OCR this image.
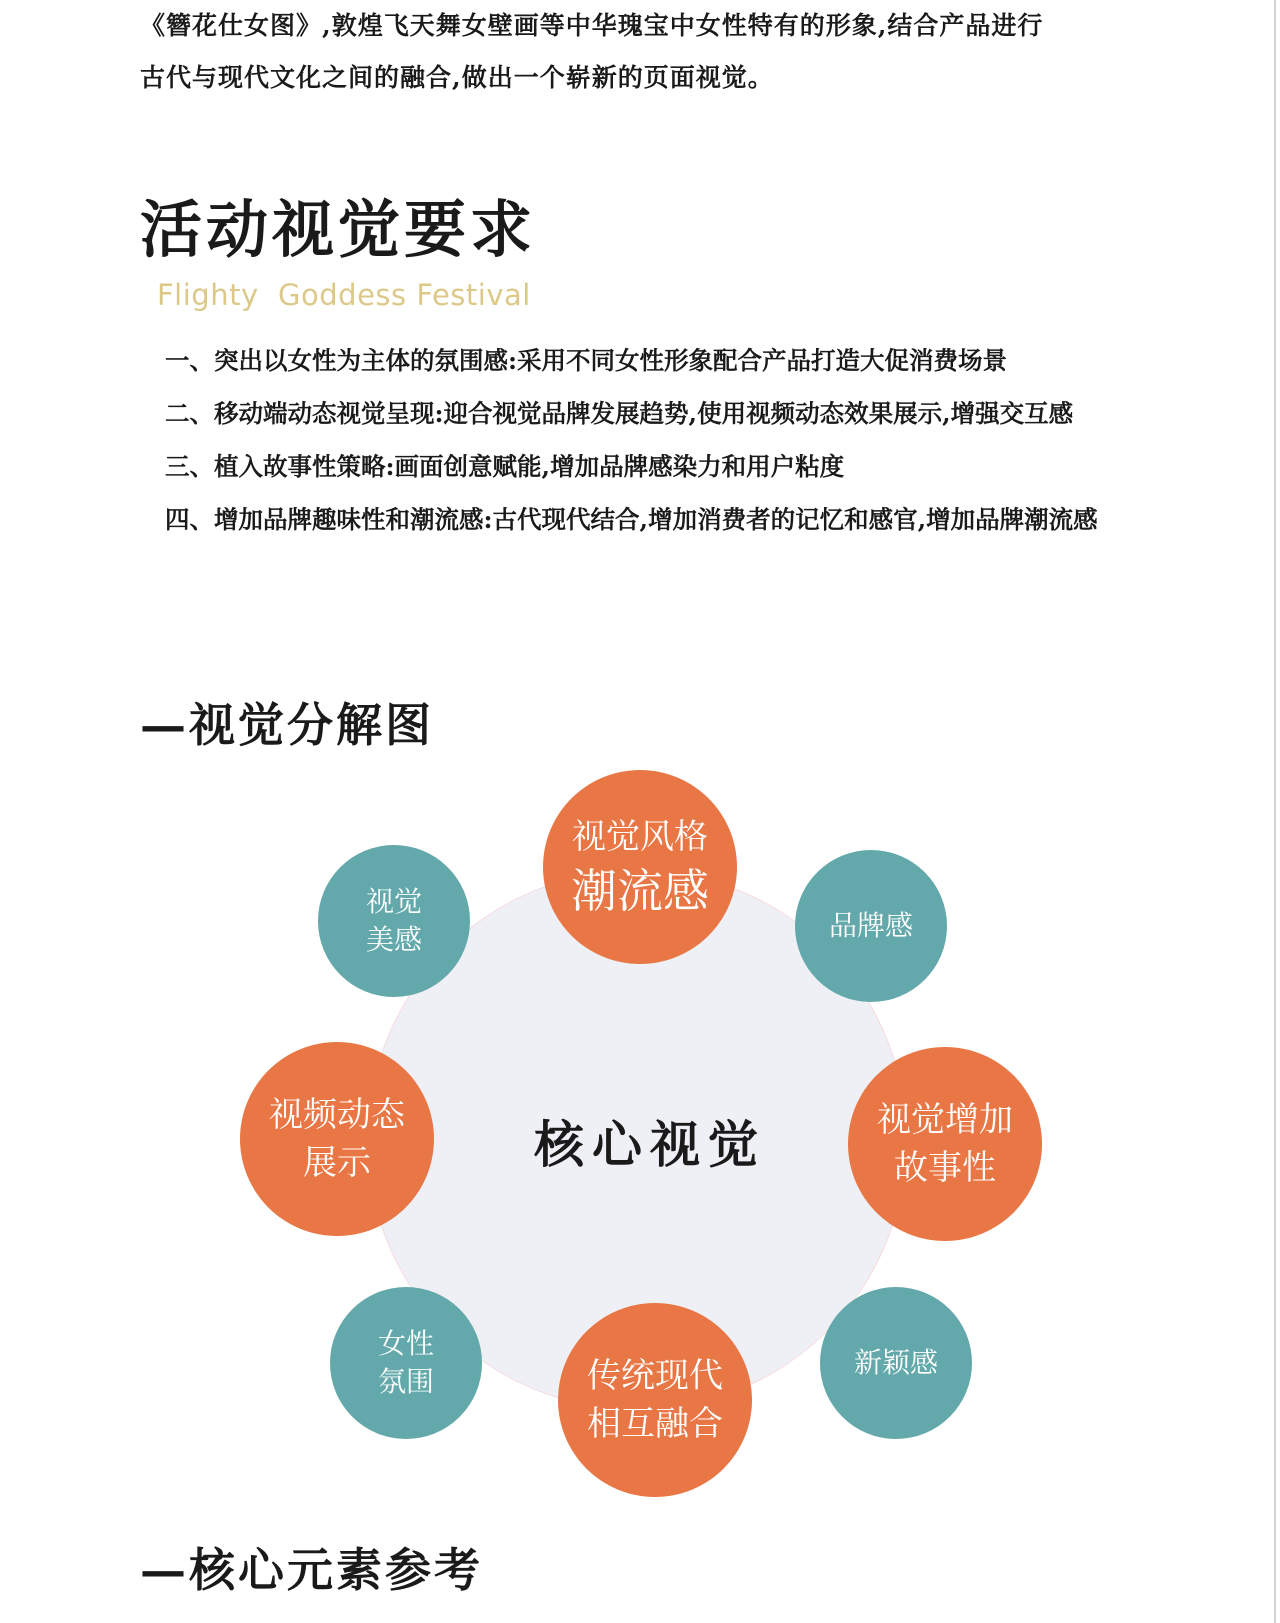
《簪花仕女图》,敦煌飞天舞女壁画等中华瑰宝中女性特有的形象,结合产品进行

古代与现代文化之间的融合,做出一个崭新的页面视觉。

活动视觉要求

Flighty  Goddess Festival

一、突出以女性为主体的氛围感:采用不同女性形象配合产品打造大促消费场景
二、移动端动态视觉呈现:迎合视觉品牌发展趋势,使用视频动态效果展示,增强交互感
三、植入故事性策略:画面创意赋能,增加品牌感染力和用户粘度
四、增加品牌趣味性和潮流感:古代现代结合,增加消费者的记忆和感官,增加品牌潮流感
—视觉分解图

核心视觉

视觉风格
潮流感
视觉
美感	品牌感
视频动态
展示
视觉增加
故事性
女性
氛围
新颖感
传统现代
相互融合
—核心元素参考
